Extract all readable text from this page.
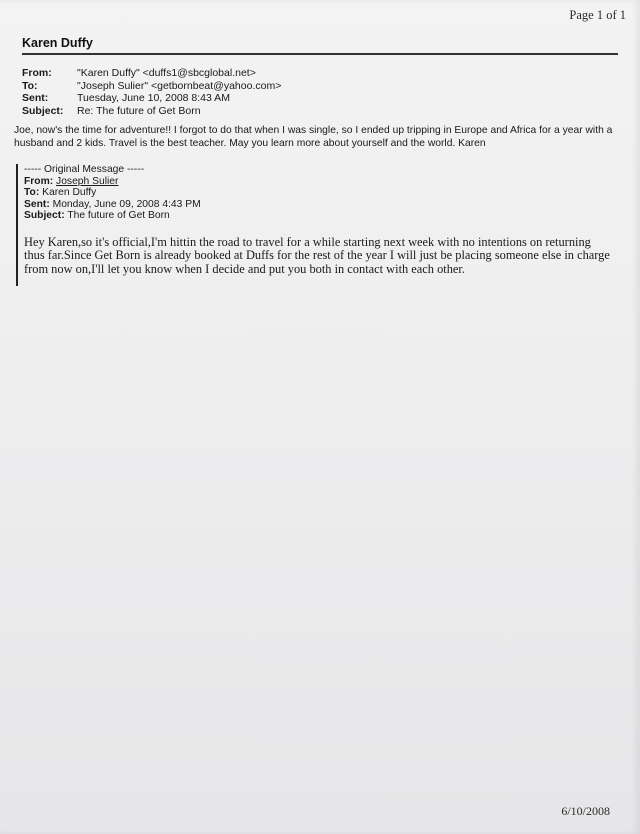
Page 1 of 1
Karen Duffy
From:	"Karen Duffy" <duffs1@sbcglobal.net>
To:	"Joseph Sulier" <getbornbeat@yahoo.com>
Sent:	Tuesday, June 10, 2008 8:43 AM
Subject:	Re: The future of Get Born
Joe, now's the time for adventure!! I forgot to do that when I was single, so I ended up tripping in Europe and Africa for a year with a husband and 2 kids. Travel is the best teacher. May you learn more about yourself and the world. Karen
----- Original Message -----
From: Joseph Sulier
To: Karen Duffy
Sent: Monday, June 09, 2008 4:43 PM
Subject: The future of Get Born
Hey Karen,so it's official,I'm hittin the road to travel for a while starting next week with no intentions on returning thus far.Since Get Born is already booked at Duffs for the rest of the year I will just be placing someone else in charge from now on,I'll let you know when I decide and put you both in contact with each other.
6/10/2008
